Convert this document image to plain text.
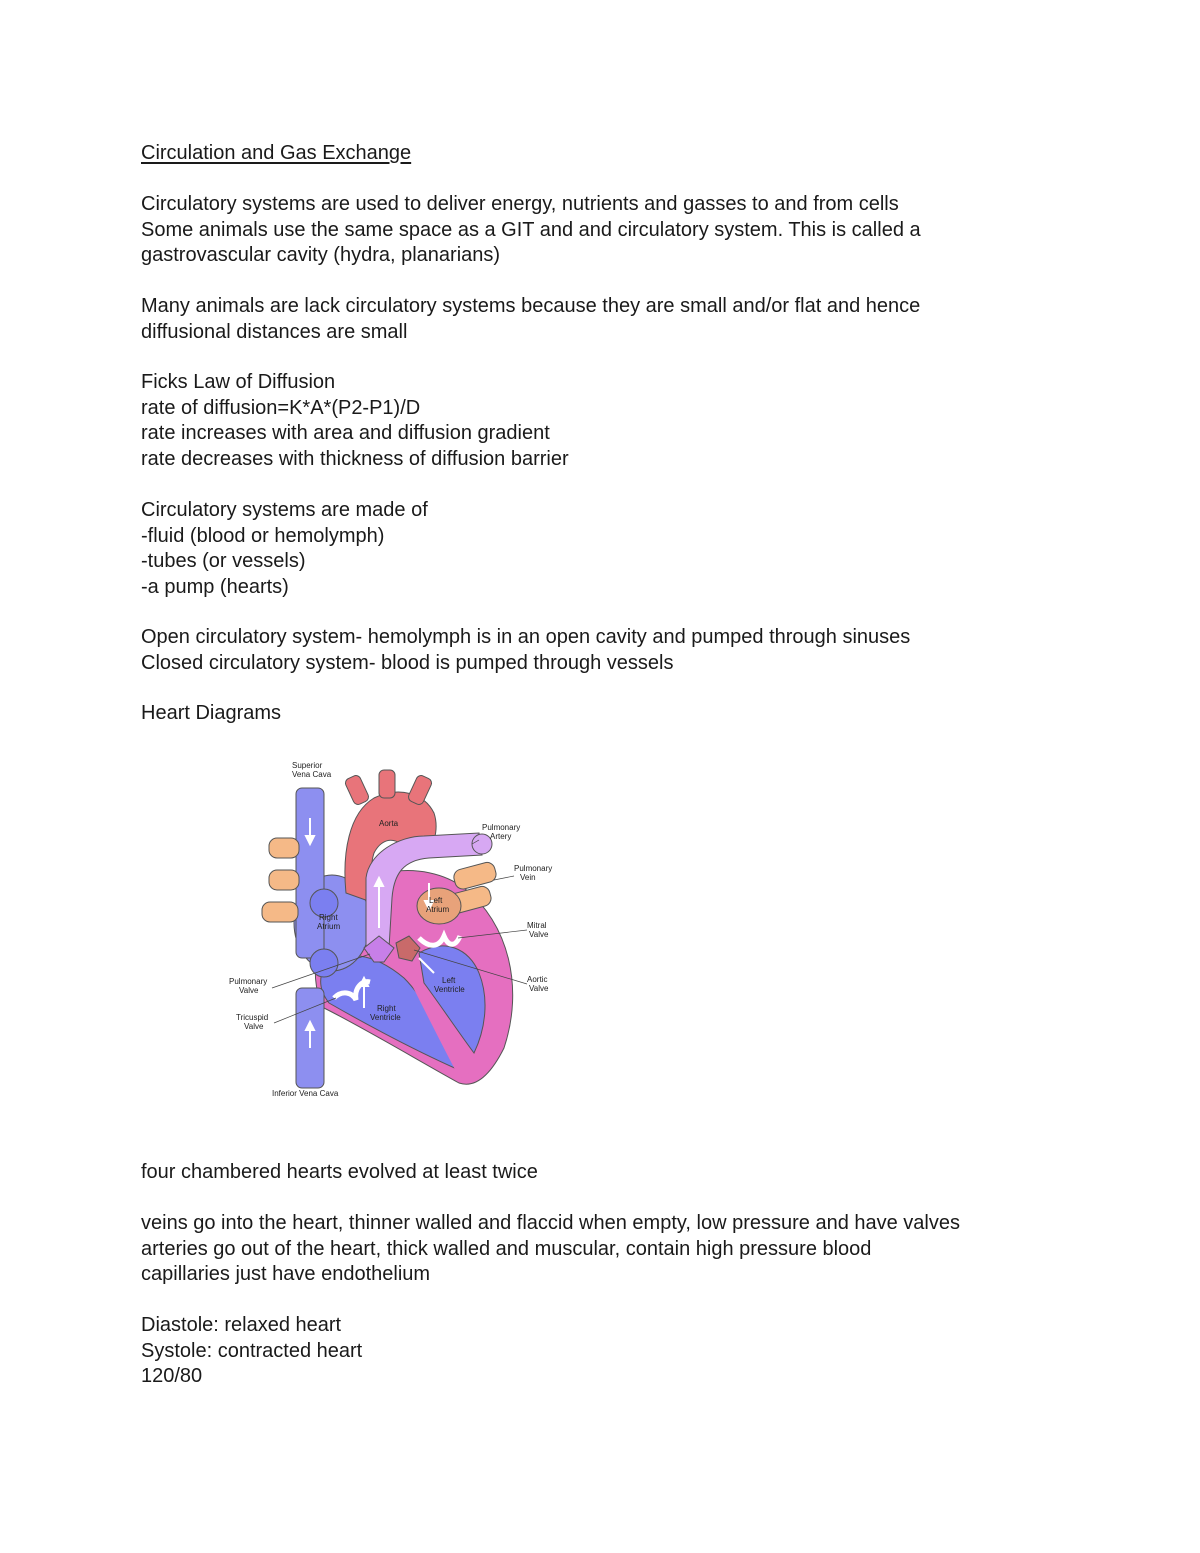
Circulation and Gas Exchange

Circulatory systems are used to deliver energy, nutrients and gasses to and from cells

Some animals use the same space as a GIT and and circulatory system. This is called a

gastrovascular cavity (hydra, planarians)

Many animals are lack circulatory systems because they are small and/or flat and hence

diffusional distances are small

Ficks Law of Diffusion

rate of diffusion=K*A*(P2-P1)/D

rate increases with area and diffusion gradient

rate decreases with thickness of diffusion barrier

Circulatory systems are made of

-fluid (blood or hemolymph)

-tubes (or vessels)

-a pump (hearts)

Open circulatory system- hemolymph is in an open cavity and pumped through sinuses

Closed circulatory system- blood is pumped through vessels

Heart Diagrams
Superior Vena Cava
Aorta	Pulmonary Artery
Pulmonary Vein
Left Atrium
Right Atrium	Mitral Valve
Pulmonary Valve
Left Ventricle
Aortic Valve
Right Ventricle
Tricuspid Valve
Inferior Vena Cava
four chambered hearts evolved at least twice

veins go into the heart, thinner walled and flaccid when empty, low pressure and have valves

arteries go out of the heart, thick walled and muscular, contain high pressure blood

capillaries just have endothelium

Diastole: relaxed heart

Systole: contracted heart

120/80
